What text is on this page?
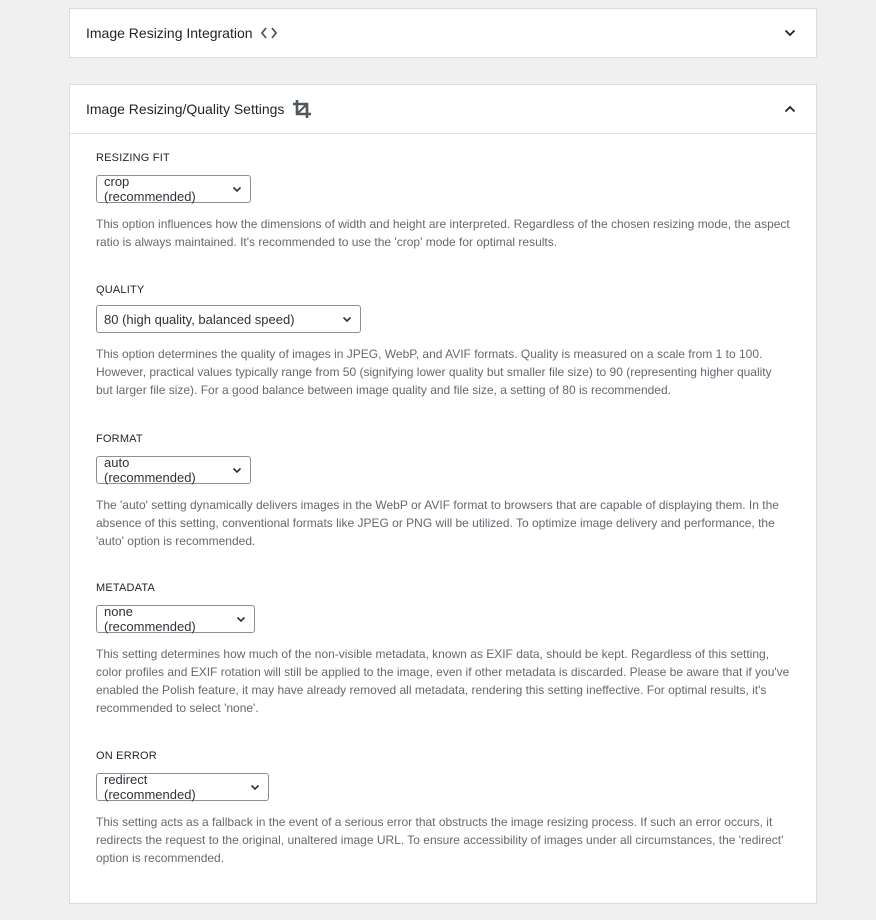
Image Resizing Integration
Image Resizing/Quality Settings
RESIZING FIT
crop (recommended)

This option influences how the dimensions of width and height are interpreted. Regardless of the chosen resizing mode, the aspect ratio is always maintained. It's recommended to use the 'crop' mode for optimal results.

QUALITY
80 (high quality, balanced speed)

This option determines the quality of images in JPEG, WebP, and AVIF formats. Quality is measured on a scale from 1 to 100. However, practical values typically range from 50 (signifying lower quality but smaller file size) to 90 (representing higher quality but larger file size). For a good balance between image quality and file size, a setting of 80 is recommended.

FORMAT
auto (recommended)

The 'auto' setting dynamically delivers images in the WebP or AVIF format to browsers that are capable of displaying them. In the absence of this setting, conventional formats like JPEG or PNG will be utilized. To optimize image delivery and performance, the 'auto' option is recommended.

METADATA
none (recommended)

This setting determines how much of the non-visible metadata, known as EXIF data, should be kept. Regardless of this setting, color profiles and EXIF rotation will still be applied to the image, even if other metadata is discarded. Please be aware that if you've enabled the Polish feature, it may have already removed all metadata, rendering this setting ineffective. For optimal results, it's recommended to select 'none'.

ON ERROR
redirect (recommended)

This setting acts as a fallback in the event of a serious error that obstructs the image resizing process. If such an error occurs, it redirects the request to the original, unaltered image URL. To ensure accessibility of images under all circumstances, the 'redirect' option is recommended.
